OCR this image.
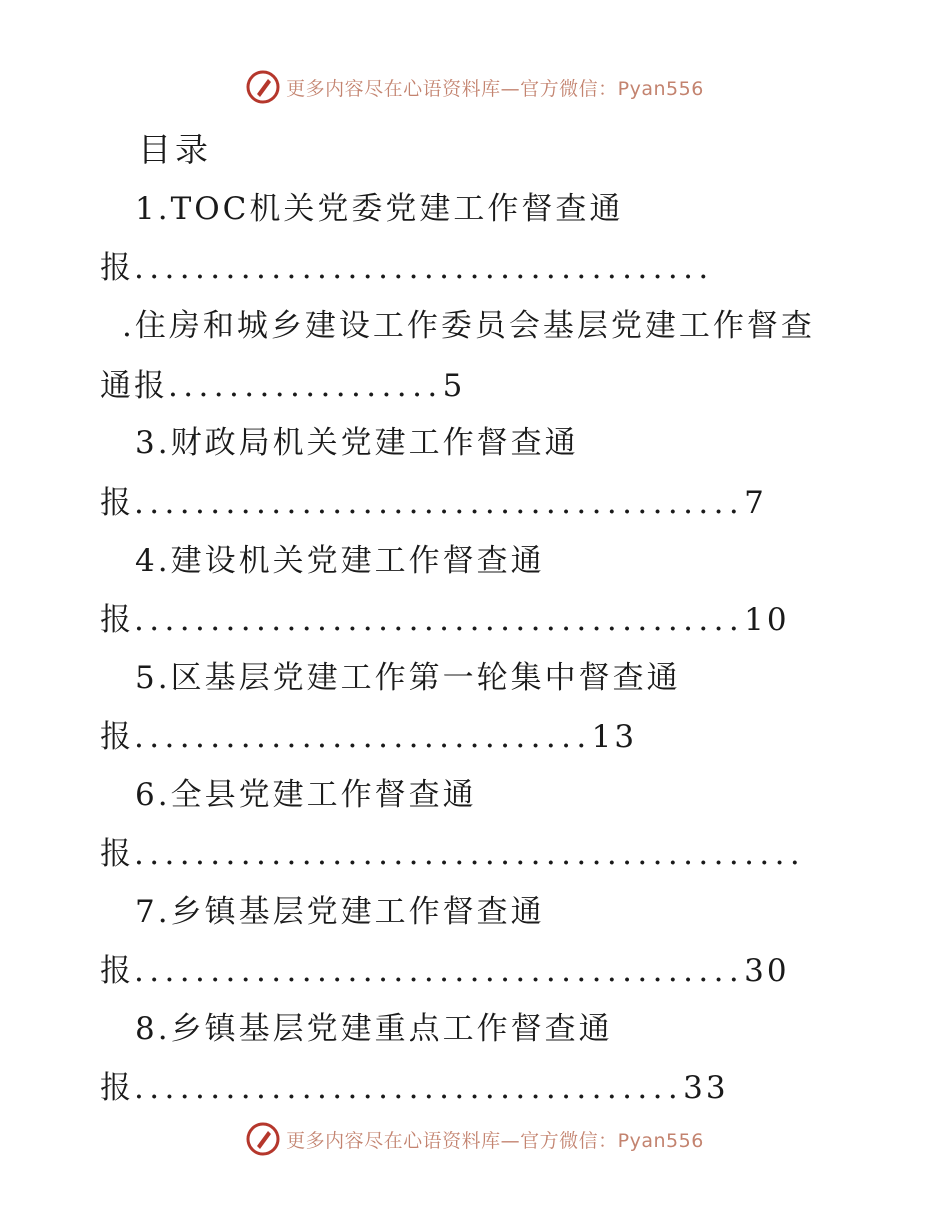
更多内容尽在心语资料库—官方微信：Pyan556
目录
1.TOC机关党委党建工作督查通
报......................................
.住房和城乡建设工作委员会基层党建工作督查
通报..................5
3.财政局机关党建工作督查通
报........................................7
4.建设机关党建工作督查通
报........................................10
5.区基层党建工作第一轮集中督查通
报..............................13
6.全县党建工作督查通
报............................................
7.乡镇基层党建工作督查通
报........................................30
8.乡镇基层党建重点工作督查通
报....................................33
更多内容尽在心语资料库—官方微信：Pyan556
